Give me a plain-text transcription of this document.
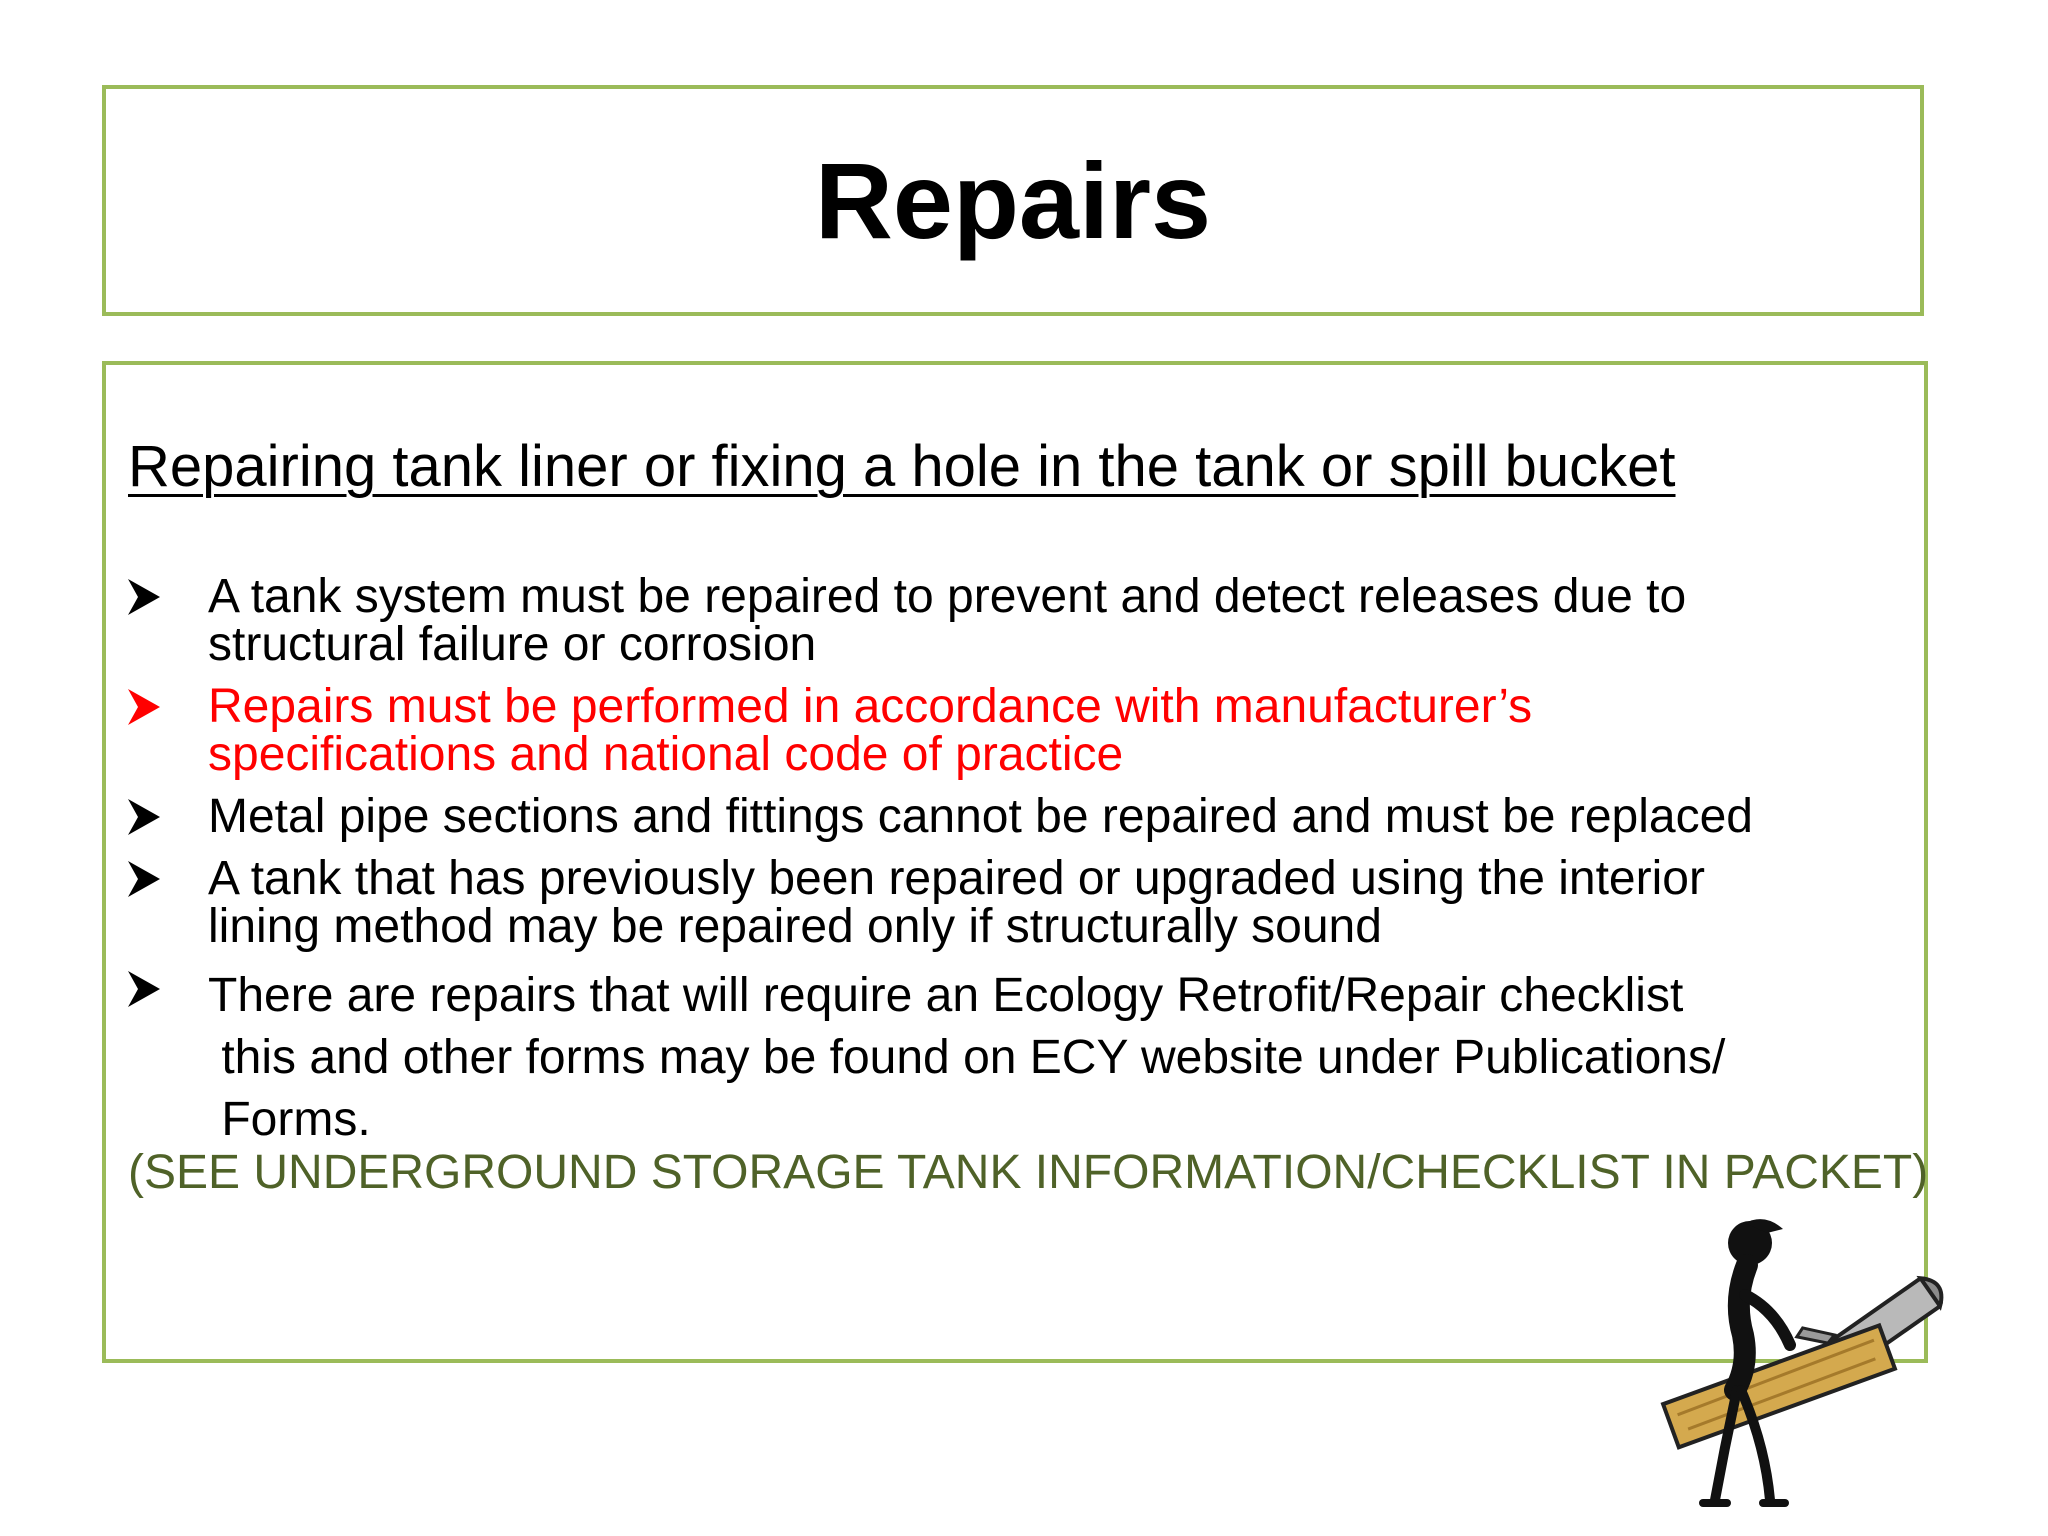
Repairs
Repairing tank liner or fixing a hole in the tank or spill bucket
A tank system must be repaired to prevent and detect releases due to
structural failure or corrosion
Repairs must be performed in accordance with manufacturer’s
specifications and national code of practice
Metal pipe sections and fittings cannot be repaired and must be replaced
A tank that has previously been repaired or upgraded using the interior
lining method may be repaired only if structurally sound
There are repairs that will require an Ecology Retrofit/Repair checklist
this and other forms may be found on ECY website under Publications/
Forms.
(SEE UNDERGROUND STORAGE TANK INFORMATION/CHECKLIST IN PACKET)
